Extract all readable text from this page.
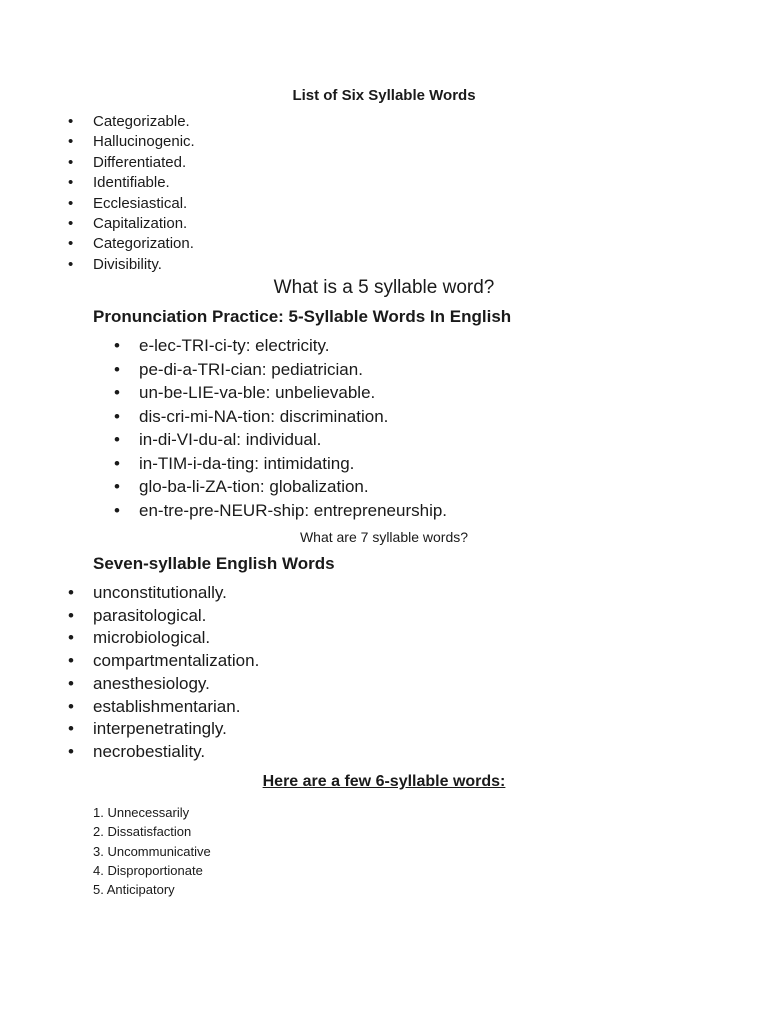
List of Six Syllable Words
• Categorizable.
• Hallucinogenic.
• Differentiated.
• Identifiable.
• Ecclesiastical.
• Capitalization.
• Categorization.
• Divisibility.
What is a 5 syllable word?
Pronunciation Practice: 5-Syllable Words In English
• e-lec-TRI-ci-ty: electricity.
• pe-di-a-TRI-cian: pediatrician.
• un-be-LIE-va-ble: unbelievable.
• dis-cri-mi-NA-tion: discrimination.
• in-di-VI-du-al: individual.
• in-TIM-i-da-ting: intimidating.
• glo-ba-li-ZA-tion: globalization.
• en-tre-pre-NEUR-ship: entrepreneurship.
What are 7 syllable words?
Seven-syllable English Words
• unconstitutionally.
• parasitological.
• microbiological.
• compartmentalization.
• anesthesiology.
• establishmentarian.
• interpenetratingly.
• necrobestiality.
Here are a few 6-syllable words:
1. Unnecessarily
2. Dissatisfaction
3. Uncommunicative
4. Disproportionate
5. Anticipatory
